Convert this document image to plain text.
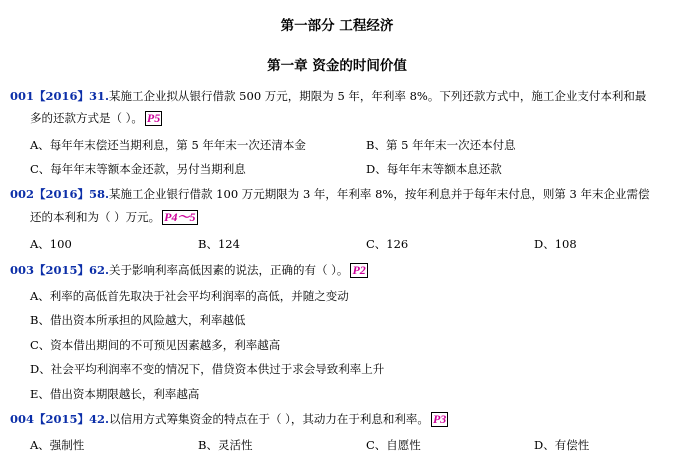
第一部分 工程经济
第一章 资金的时间价值
001【2016】31.某施工企业拟从银行借款 500 万元，期限为 5 年，年利率 8%。下列还款方式中，施工企业支付本利和最
多的还款方式是（ ）。 P5
A、每年年末偿还当期利息，第 5 年年末一次还清本金	B、第 5 年年末一次还本付息
C、每年年末等额本金还款，另付当期利息	D、每年年末等额本息还款
002【2016】58.某施工企业银行借款 100 万元期限为 3 年，年利率 8%，按年利息并于每年末付息，则第 3 年末企业需偿
还的本利和为（ ）万元。 P4～5
A、100	B、124	C、126	D、108
003【2015】62.关于影响利率高低因素的说法，正确的有（ ）。 P2
A、利率的高低首先取决于社会平均利润率的高低，并随之变动
B、借出资本所承担的风险越大，利率越低
C、资本借出期间的不可预见因素越多，利率越高
D、社会平均利润率不变的情况下，借贷资本供过于求会导致利率上升
E、借出资本期限越长，利率越高
004【2015】42.以信用方式筹集资金的特点在于（ ），其动力在于利息和利率。 P3
A、强制性	B、灵活性	C、自愿性	D、有偿性
